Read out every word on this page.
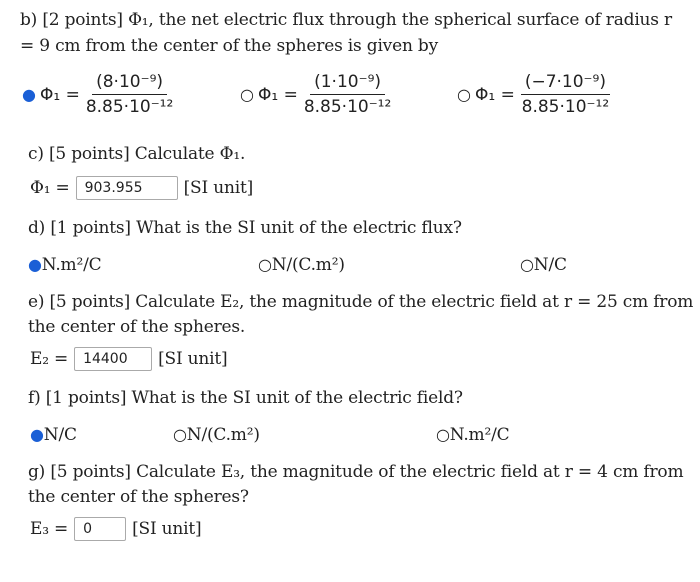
b) [2 points] Φ₁, the net electric flux through the spherical surface of radius r
= 9 cm from the center of the spheres is given by
● $\Phi_1 = \frac{\text{(8·10⁻⁹)}}{\text{8.85·10⁻¹²}}$	○ $\Phi_1 = \frac{\text{(1·10⁻⁹)}}{\text{8.85·10⁻¹²}}$	○ $\Phi_1 = \frac{\text{(−7·10⁻⁹)}}{\text{8.85·10⁻¹²}}$
c) [5 points] Calculate Φ₁.
Φ₁ =	903.955	[SI unit]
d) [1 points] What is the SI unit of the electric flux?
●N.m²/C	○N/(C.m²)	○N/C
e) [5 points] Calculate E₂, the magnitude of the electric field at r = 25 cm from
the center of the spheres.
E₂ =	14400	[SI unit]
f) [1 points] What is the SI unit of the electric field?
●N/C	○N/(C.m²)	○N.m²/C
g) [5 points] Calculate E₃, the magnitude of the electric field at r = 4 cm from
the center of the spheres?
E₃ =	0	[SI unit]
